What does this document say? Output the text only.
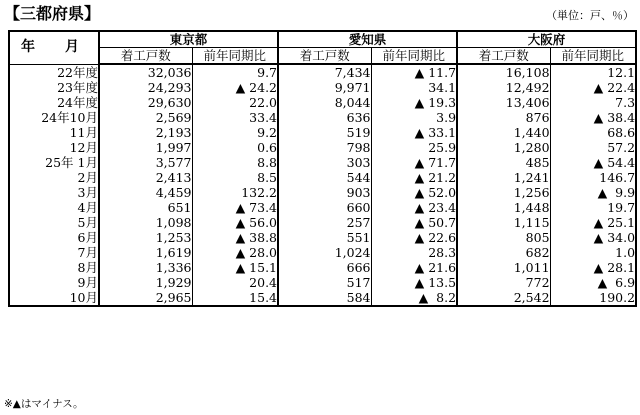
【三都府県】	（単位：戸、％）
年　月	東京都		愛知県		大阪府	
	着工戸数	前年同期比	着工戸数	前年同期比	着工戸数	前年同期比
22年度	32,036	9.7	7,434	▲ 11.7	16,108	12.1
23年度	24,293	▲ 24.2	9,971	34.1	12,492	▲ 22.4
24年度	29,630	22.0	8,044	▲ 19.3	13,406	7.3
24年10月	2,569	33.4	636	3.9	876	▲ 38.4
11月	2,193	9.2	519	▲ 33.1	1,440	68.6
12月	1,997	0.6	798	25.9	1,280	57.2
25年 1月	3,577	8.8	303	▲ 71.7	485	▲ 54.4
2月	2,413	8.5	544	▲ 21.2	1,241	146.7
3月	4,459	132.2	903	▲ 52.0	1,256	▲  9.9
4月	651	▲ 73.4	660	▲ 23.4	1,448	19.7
5月	1,098	▲ 56.0	257	▲ 50.7	1,115	▲ 25.1
6月	1,253	▲ 38.8	551	▲ 22.6	805	▲ 34.0
7月	1,619	▲ 28.0	1,024	28.3	682	1.0
8月	1,336	▲ 15.1	666	▲ 21.6	1,011	▲ 28.1
9月	1,929	20.4	517	▲ 13.5	772	▲  6.9
10月	2,965	15.4	584	▲  8.2	2,542	190.2
※▲はマイナス。
